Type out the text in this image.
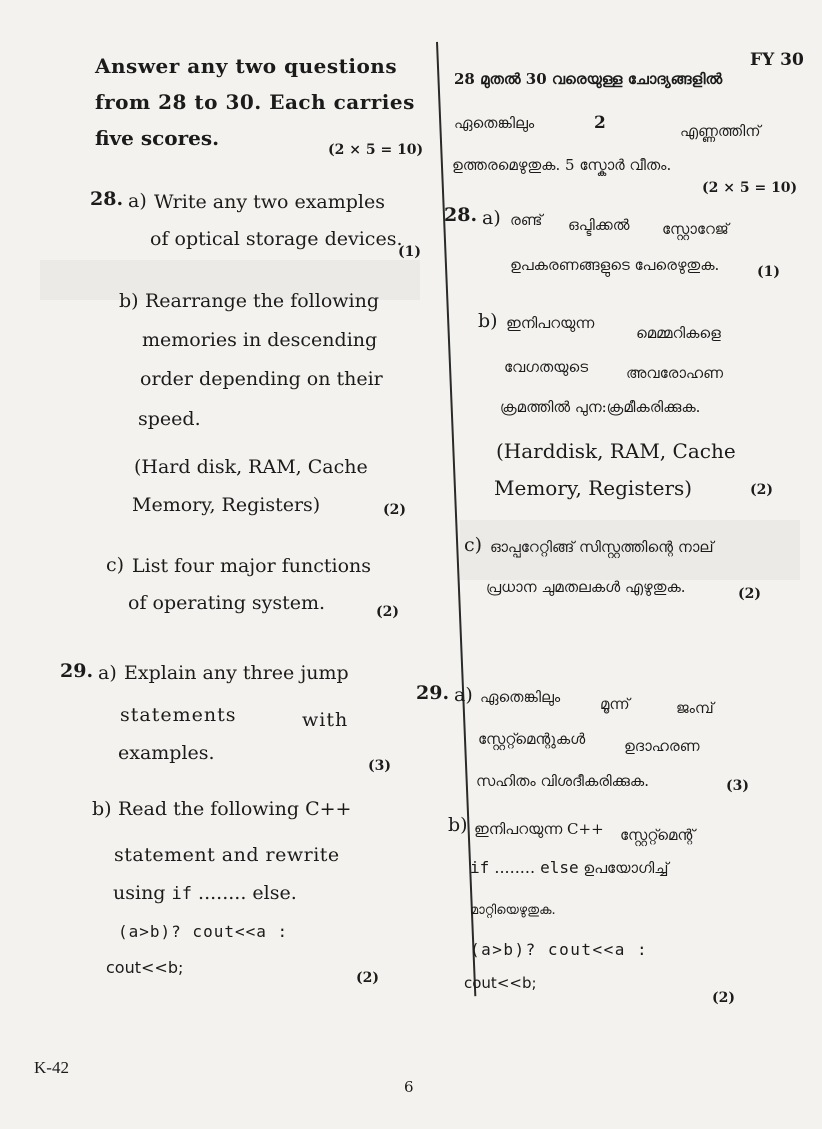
FY 30
Answer any two questions
from 28 to 30. Each carries
five scores.	(2 × 5 = 10)
28. a) Write any two examples
of optical storage devices.
(1)
b) Rearrange the following
memories in descending
order depending on their
speed.
(Hard disk, RAM, Cache
Memory, Registers)	(2)
c) List four major functions
of operating system.	(2)
29. a) Explain any three jump
statements	with
examples.
(3)
b) Read the following C++
statement and rewrite
using if ........ else.
(a>b)? cout<<a :
cout<<b;
(2)
28 മുതൽ 30 വരെയുള്ള ചോദ്യങ്ങളിൽ
ഏതെങ്കിലും	2	എണ്ണത്തിന്
ഉത്തരമെഴുതുക. 5 സ്കോർ വീതം.
(2 × 5 = 10)
28. a) രണ്ട് ഒപ്ടിക്കൽ സ്റ്റോറേജ്
ഉപകരണങ്ങളുടെ പേരെഴുതുക.	(1)
b) ഇനിപറയുന്ന
മെമ്മറികളെ
വേഗതയുടെ	അവരോഹണ
ക്രമത്തിൽ പുന:ക്രമീകരിക്കുക.
(Harddisk, RAM, Cache
Memory, Registers)	(2)
c) ഓപ്പറേറ്റിങ്ങ് സിസ്റ്റത്തിന്റെ നാല്
പ്രധാന ചുമതലകൾ എഴുതുക.	(2)
29. a) ഏതെങ്കിലും	മൂന്ന്	ജംമ്പ്
സ്റ്റേറ്റ്മെന്റുകൾ	ഉദാഹരണ
സഹിതം വിശദീകരിക്കുക.	(3)
b) ഇനിപറയുന്ന C++ സ്റ്റേറ്റ്മെന്റ്
if ........ else ഉപയോഗിച്ച്
മാറ്റിയെഴുതുക.
(a>b)? cout<<a :
cout<<b;
(2)
K-42
6
